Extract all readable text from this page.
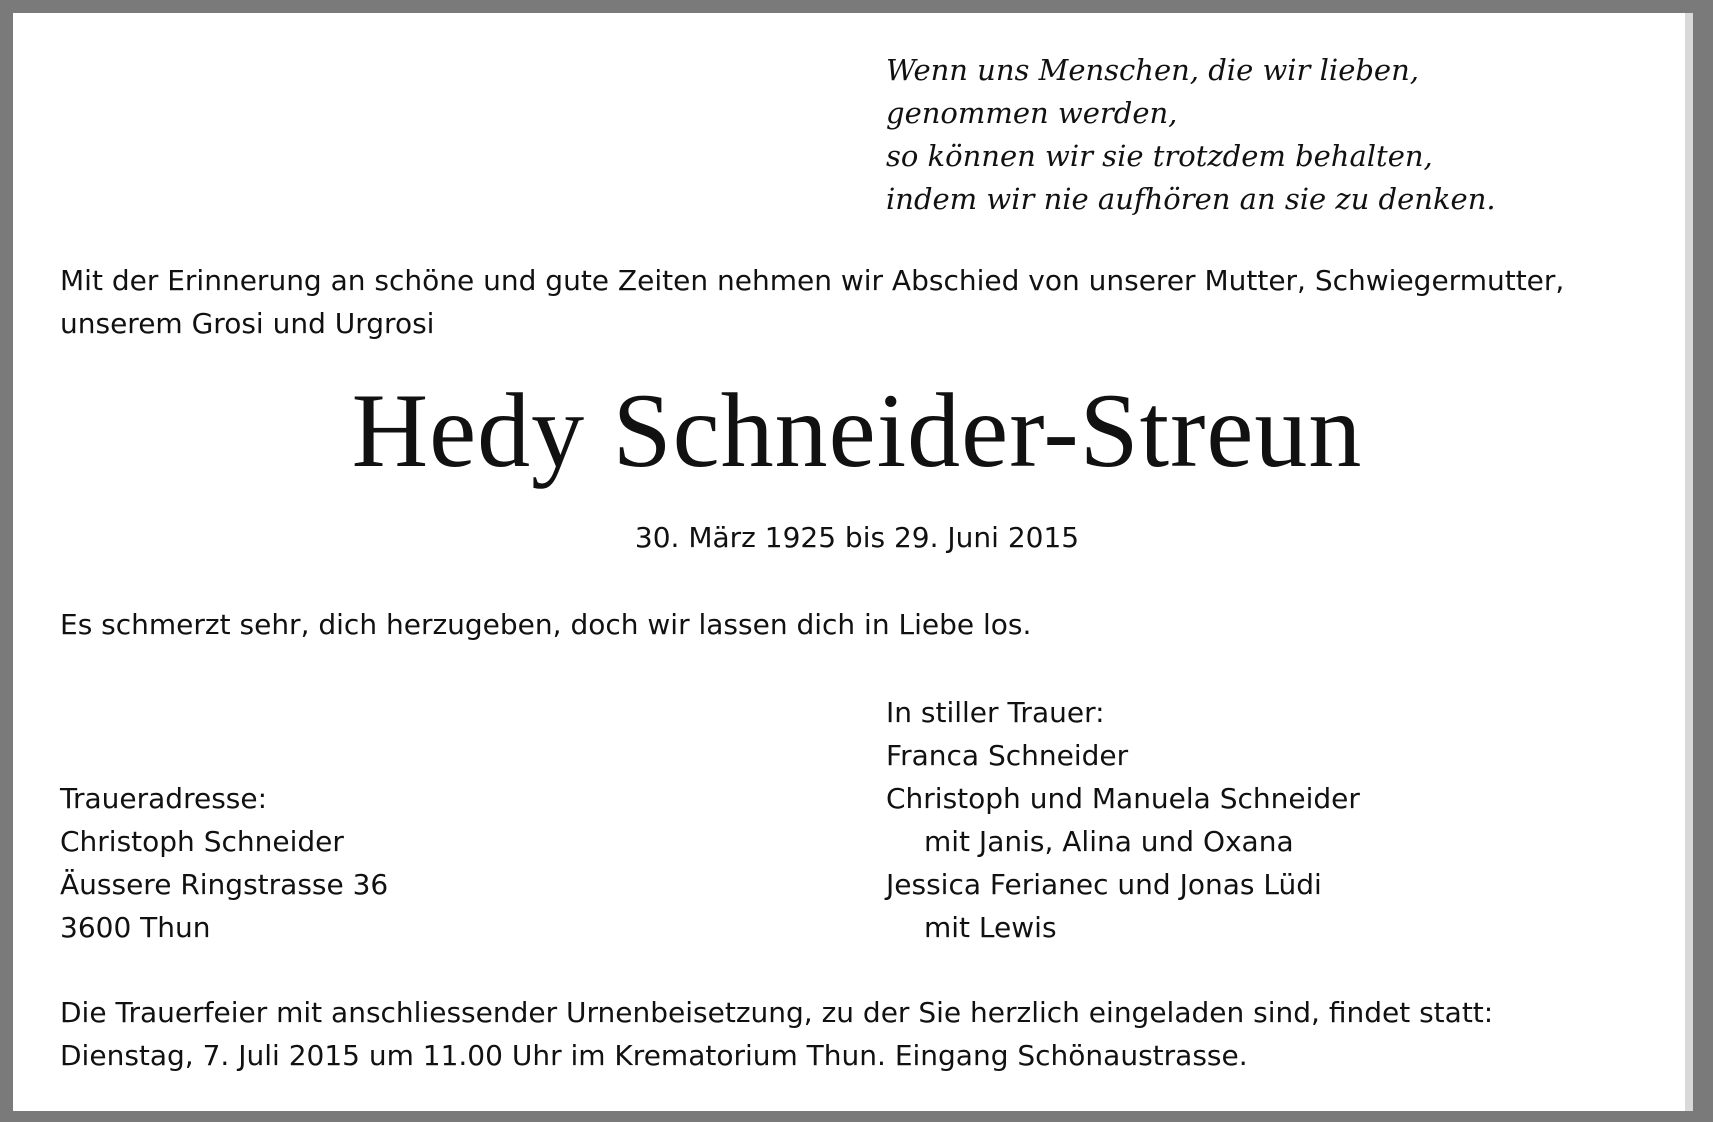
Wenn uns Menschen, die wir lieben,
genommen werden,
so können wir sie trotzdem behalten,
indem wir nie aufhören an sie zu denken.
Mit der Erinnerung an schöne und gute Zeiten nehmen wir Abschied von unserer Mutter, Schwiegermutter,
unserem Grosi und Urgrosi
Hedy Schneider-Streun
30. März 1925 bis 29. Juni 2015
Es schmerzt sehr, dich herzugeben, doch wir lassen dich in Liebe los.
In stiller Trauer:
Franca Schneider
Christoph und Manuela Schneider
mit Janis, Alina und Oxana
Jessica Ferianec und Jonas Lüdi
mit Lewis
Traueradresse:
Christoph Schneider
Äussere Ringstrasse 36
3600 Thun
Die Trauerfeier mit anschliessender Urnenbeisetzung, zu der Sie herzlich eingeladen sind, findet statt:
Dienstag, 7. Juli 2015 um 11.00 Uhr im Krematorium Thun. Eingang Schönaustrasse.
